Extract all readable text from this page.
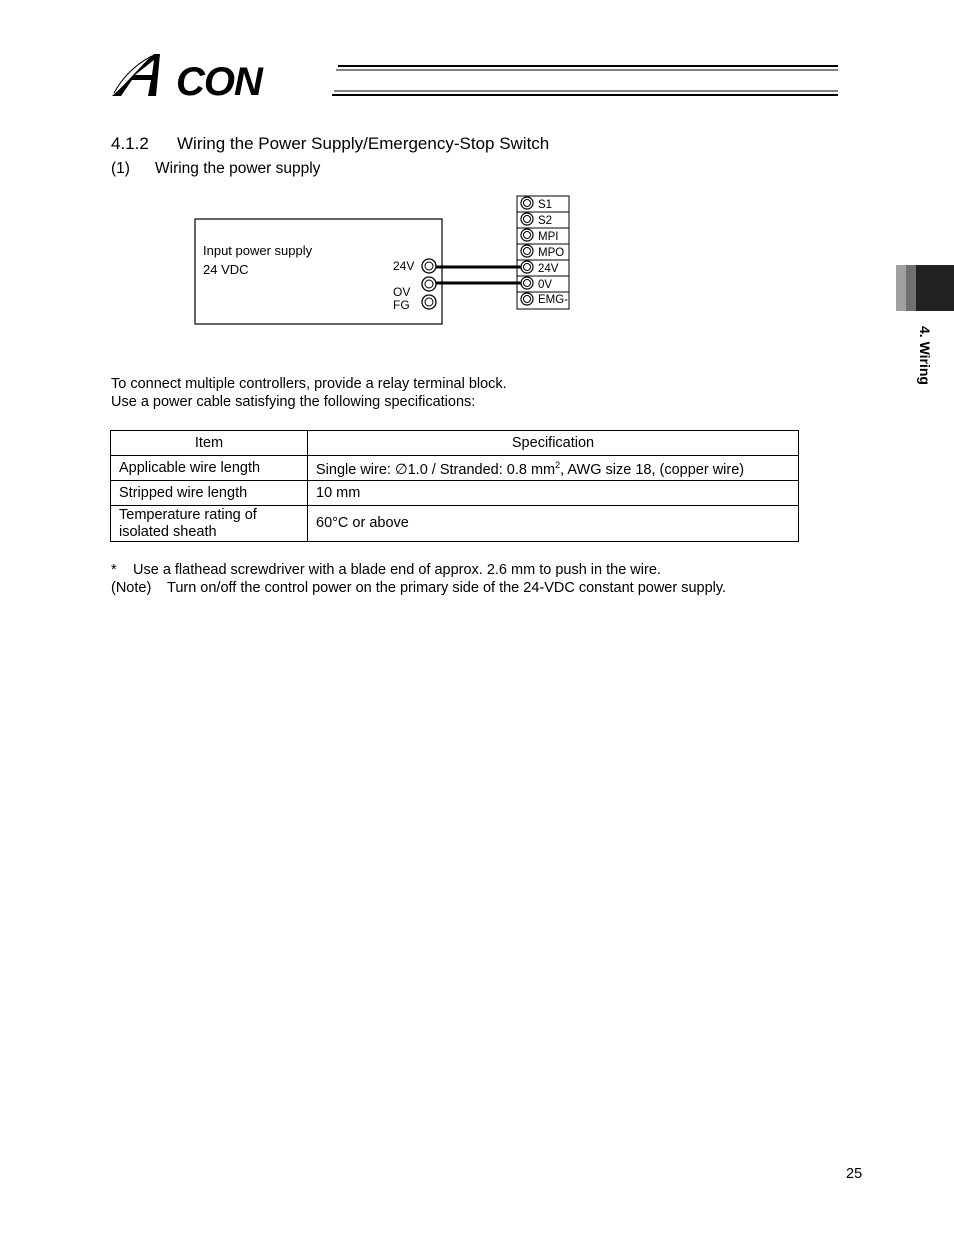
CON
4.1.2 Wiring the Power Supply/Emergency-Stop Switch
(1) Wiring the power supply
Input power supply
24 VDC	24V
OV
FG
S1
S2
MPI
MPO
24V
0V
EMG-
To connect multiple controllers, provide a relay terminal block.
Use a power cable satisfying the following specifications:
Item	Specification
Applicable wire length	Single wire: ∅1.0 / Stranded: 0.8 $mm^2$, AWG size 18, (copper wire)
Stripped wire length	10 mm
Temperature rating of
isolated sheath	60°C or above
* Use a flathead screwdriver with a blade end of approx. 2.6 mm to push in the wire.
(Note) Turn on/off the control power on the primary side of the 24-VDC constant power supply.
4. Wiring
25
